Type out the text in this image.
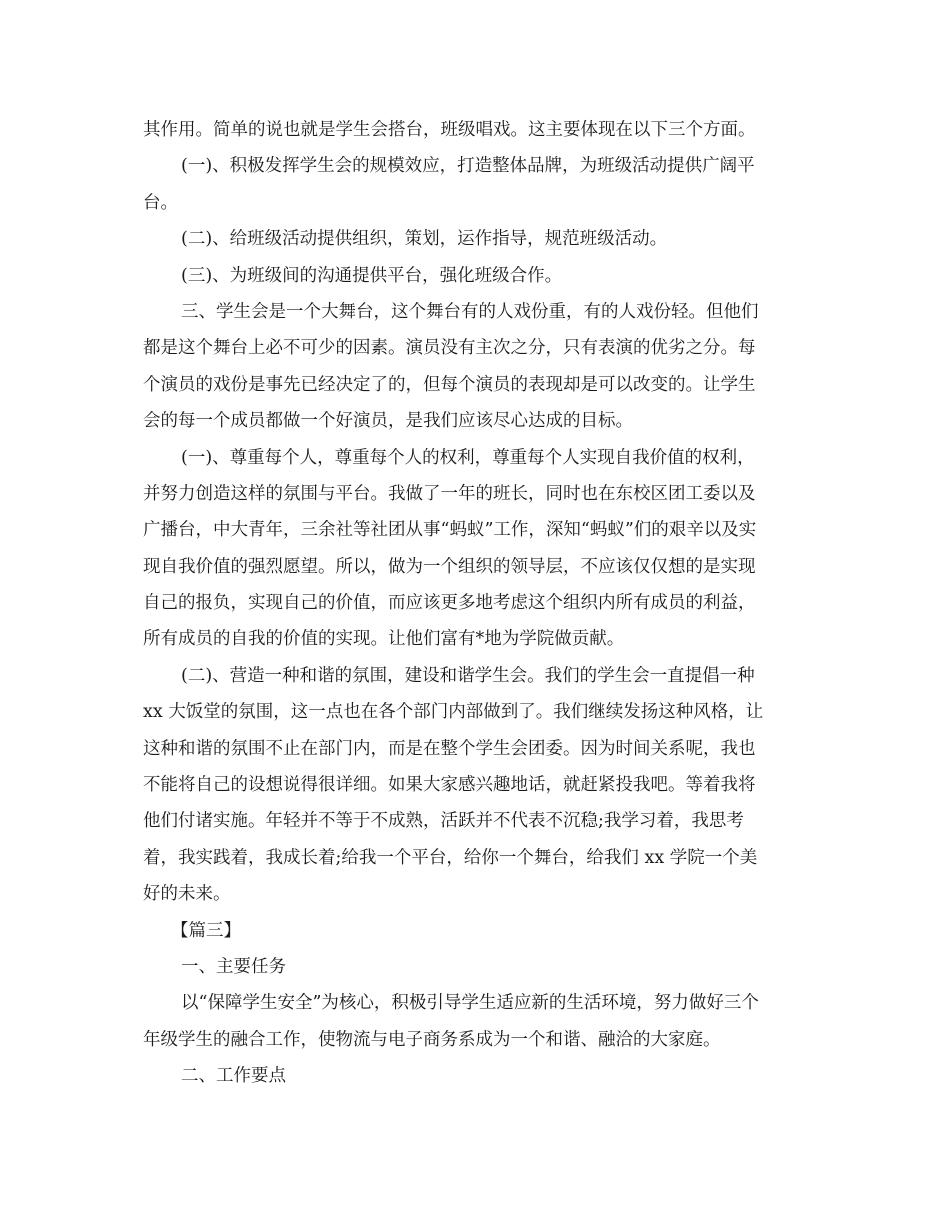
其作用。简单的说也就是学生会搭台，班级唱戏。这主要体现在以下三个方面。
(一)、积极发挥学生会的规模效应，打造整体品牌，为班级活动提供广阔平
台。
(二)、给班级活动提供组织，策划，运作指导，规范班级活动。
(三)、为班级间的沟通提供平台，强化班级合作。
三、学生会是一个大舞台，这个舞台有的人戏份重，有的人戏份轻。但他们
都是这个舞台上必不可少的因素。演员没有主次之分，只有表演的优劣之分。每
个演员的戏份是事先已经决定了的，但每个演员的表现却是可以改变的。让学生
会的每一个成员都做一个好演员，是我们应该尽心达成的目标。
(一)、尊重每个人，尊重每个人的权利，尊重每个人实现自我价值的权利，
并努力创造这样的氛围与平台。我做了一年的班长，同时也在东校区团工委以及
广播台，中大青年，三余社等社团从事“蚂蚁”工作，深知“蚂蚁”们的艰辛以及实
现自我价值的强烈愿望。所以，做为一个组织的领导层，不应该仅仅想的是实现
自己的报负，实现自己的价值，而应该更多地考虑这个组织内所有成员的利益，
所有成员的自我的价值的实现。让他们富有*地为学院做贡献。
(二)、营造一种和谐的氛围，建设和谐学生会。我们的学生会一直提倡一种
xx 大饭堂的氛围，这一点也在各个部门内部做到了。我们继续发扬这种风格，让
这种和谐的氛围不止在部门内，而是在整个学生会团委。因为时间关系呢，我也
不能将自己的设想说得很详细。如果大家感兴趣地话，就赶紧投我吧。等着我将
他们付诸实施。年轻并不等于不成熟，活跃并不代表不沉稳;我学习着，我思考
着，我实践着，我成长着;给我一个平台，给你一个舞台，给我们 xx 学院一个美
好的未来。
【篇三】
一、主要任务
以“保障学生安全”为核心，积极引导学生适应新的生活环境，努力做好三个
年级学生的融合工作，使物流与电子商务系成为一个和谐、融洽的大家庭。
二、工作要点
